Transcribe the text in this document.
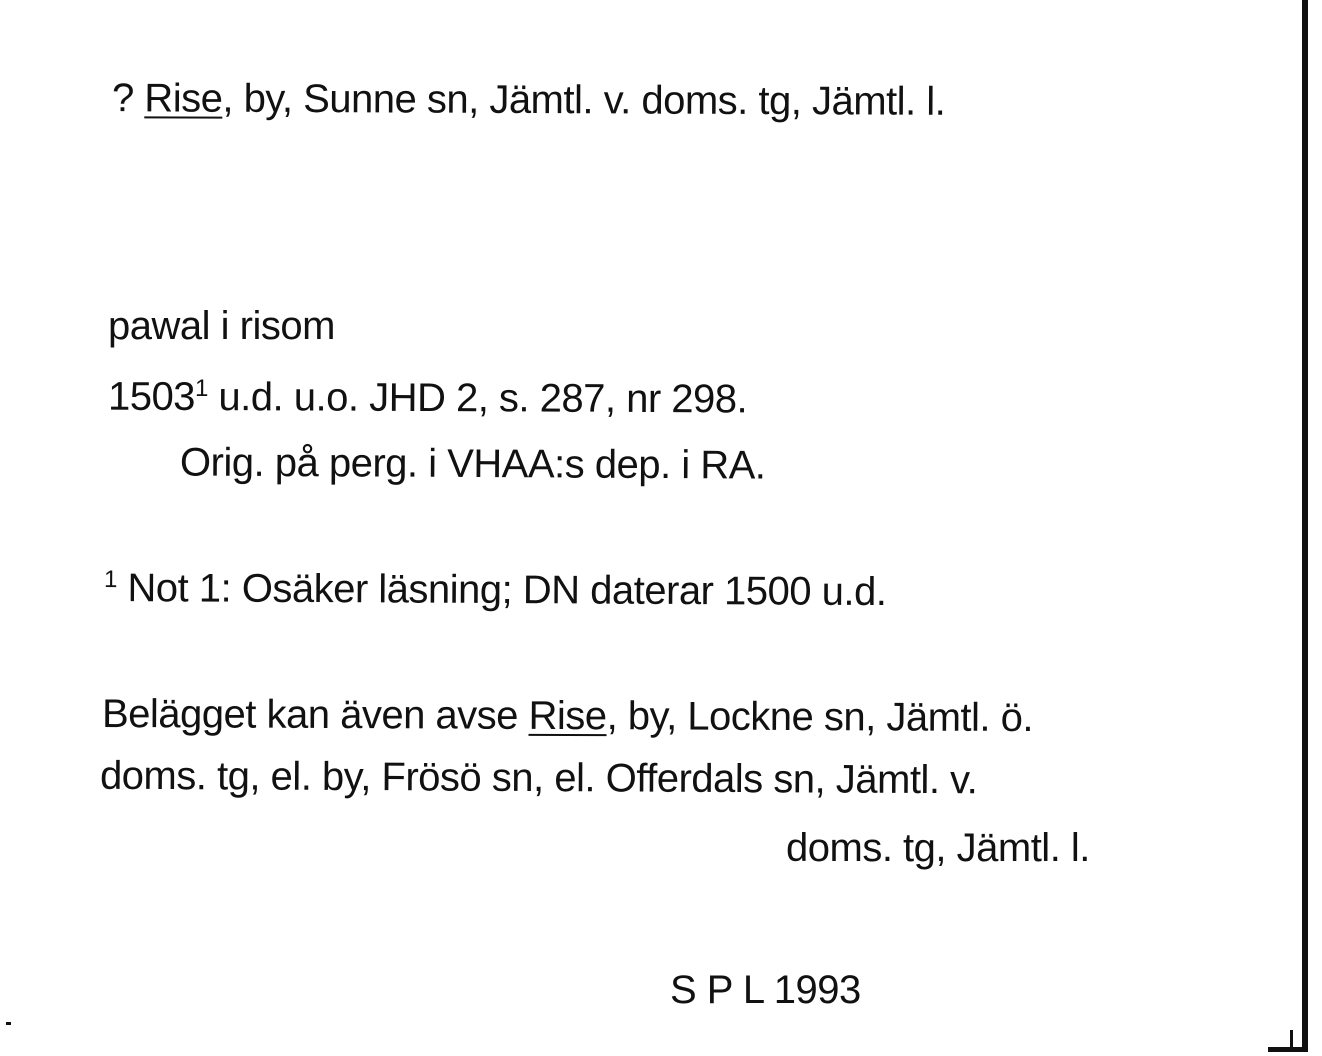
? Rise, by, Sunne sn, Jämtl. v. doms. tg, Jämtl. l.
pawal i risom
1503$^1$ u.d. u.o. JHD 2, s. 287, nr 298.
Orig. på perg. i VHAA:s dep. i RA.
$^1$ Not 1: Osäker läsning; DN daterar 1500 u.d.
Belägget kan även avse Rise, by, Lockne sn, Jämtl. ö.
doms. tg, el. by, Frösö sn, el. Offerdals sn, Jämtl. v.
doms. tg, Jämtl. l.
S P L 1993
